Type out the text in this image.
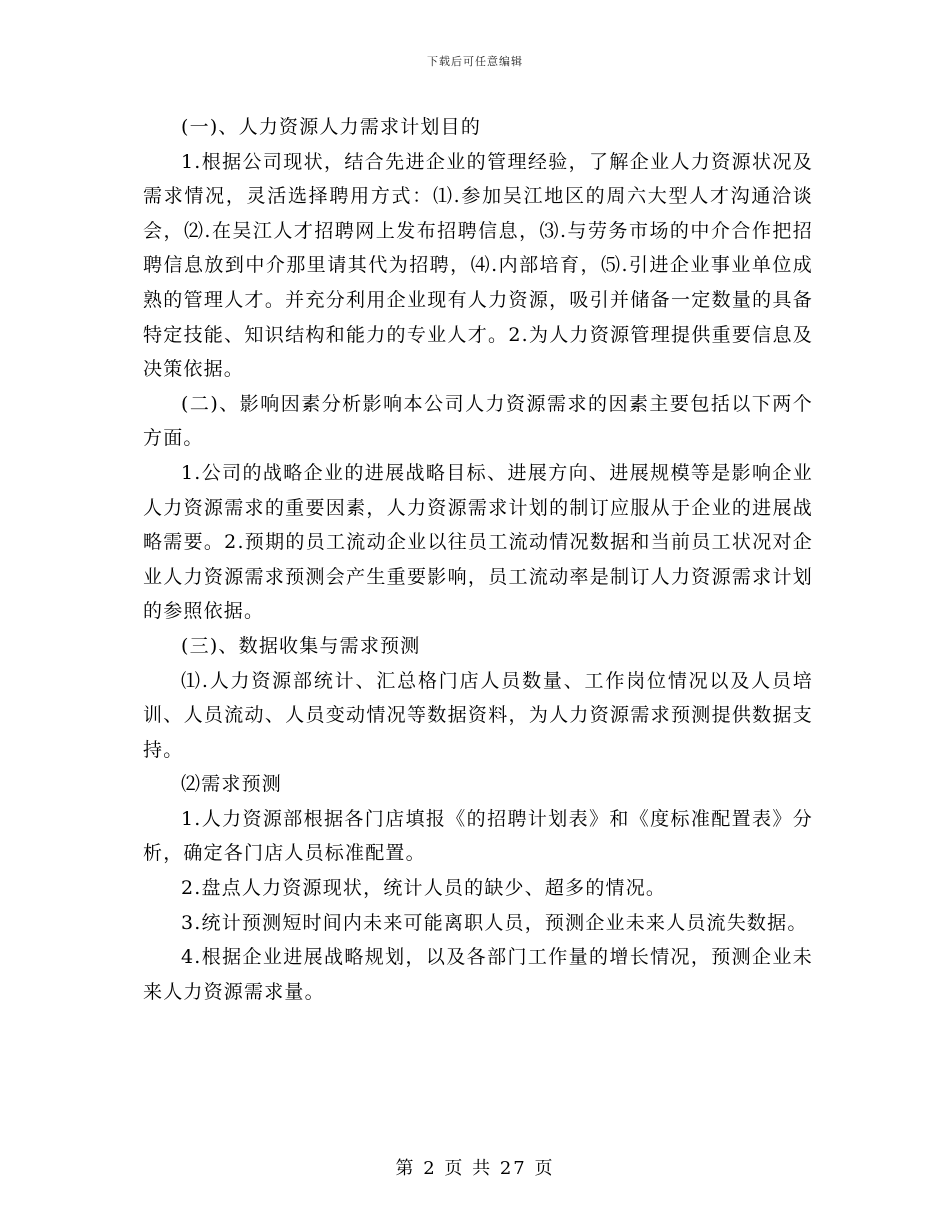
下载后可任意编辑

(一)、人力资源人力需求计划目的

1.根据公司现状，结合先进企业的管理经验，了解企业人力资源状况及需求情况，灵活选择聘用方式：⑴.参加吴江地区的周六大型人才沟通洽谈会，⑵.在吴江人才招聘网上发布招聘信息，⑶.与劳务市场的中介合作把招聘信息放到中介那里请其代为招聘，⑷.内部培育，⑸.引进企业事业单位成熟的管理人才。并充分利用企业现有人力资源，吸引并储备一定数量的具备特定技能、知识结构和能力的专业人才。2.为人力资源管理提供重要信息及决策依据。

(二)、影响因素分析影响本公司人力资源需求的因素主要包括以下两个方面。

1.公司的战略企业的进展战略目标、进展方向、进展规模等是影响企业人力资源需求的重要因素，人力资源需求计划的制订应服从于企业的进展战略需要。2.预期的员工流动企业以往员工流动情况数据和当前员工状况对企业人力资源需求预测会产生重要影响，员工流动率是制订人力资源需求计划的参照依据。

(三)、数据收集与需求预测

⑴.人力资源部统计、汇总格门店人员数量、工作岗位情况以及人员培训、人员流动、人员变动情况等数据资料，为人力资源需求预测提供数据支持。

⑵需求预测

1.人力资源部根据各门店填报《的招聘计划表》和《度标准配置表》分析，确定各门店人员标准配置。

2.盘点人力资源现状，统计人员的缺少、超多的情况。

3.统计预测短时间内未来可能离职人员，预测企业未来人员流失数据。

4.根据企业进展战略规划，以及各部门工作量的增长情况，预测企业未来人力资源需求量。

第 2 页 共 27 页
